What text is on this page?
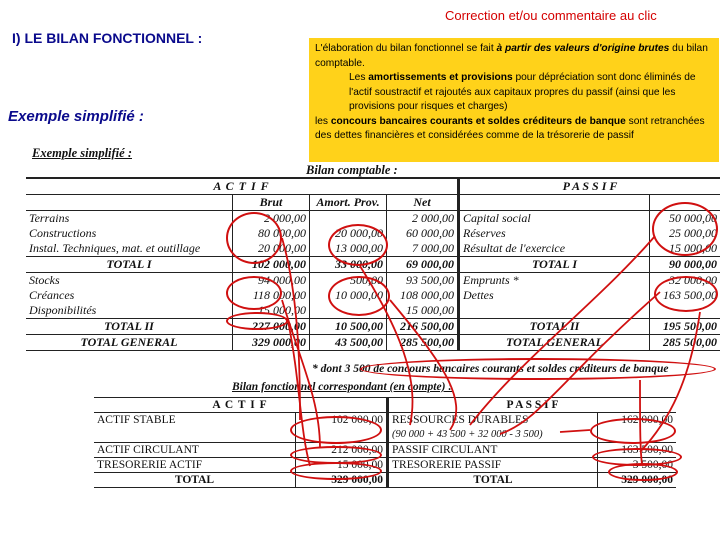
Correction et/ou commentaire au clic
I) LE BILAN FONCTIONNEL :
Exemple simplifié :
L'élaboration du bilan fonctionnel se fait à partir des valeurs d'origine brutes du bilan comptable.
Les amortissements et provisions pour dépréciation sont donc éliminés de l'actif soustractif et rajoutés aux capitaux propres du passif (ainsi que les provisions pour risques et charges)
les concours bancaires courants et soldes créditeurs de banque sont retranchées des dettes financières et considérées comme de la trésorerie de passif
Exemple simplifié :
Bilan comptable :
A C T I F				P A S S I F	
	Brut	Amort. Prov.	Net		
Terrains	2 000,00		2 000,00	Capital social	50 000,00
Constructions	80 000,00	20 000,00	60 000,00	Réserves	25 000,00
Instal. Techniques, mat. et outillage	20 000,00	13 000,00	7 000,00	Résultat de l'exercice	15 000,00
TOTAL I	102 000,00	33 000,00	69 000,00	TOTAL I	90 000,00
Stocks	94 000,00	500,00	93 500,00	Emprunts *	32 000,00
Créances	118 000,00	10 000,00	108 000,00	Dettes	163 500,00
Disponibilités	15 000,00		15 000,00		
TOTAL II	227 000,00	10 500,00	216 500,00	TOTAL II	195 500,00
TOTAL GENERAL	329 000,00	43 500,00	285 500,00	TOTAL GENERAL	285 500,00
* dont 3 500 de concours bancaires courants et soldes créditeurs de banque
Bilan fonctionnel correspondant (en compte) :
A C T I F		P A S S I F	
ACTIF STABLE	102 000,00	RESSOURCES DURABLES	162 000,00
		(90 000 + 43 500 + 32 000 - 3 500)	
ACTIF CIRCULANT	212 000,00	PASSIF CIRCULANT	163 500,00
TRESORERIE ACTIF	15 000,00	TRESORERIE PASSIF	3 500,00
TOTAL	329 000,00	TOTAL	329 000,00
